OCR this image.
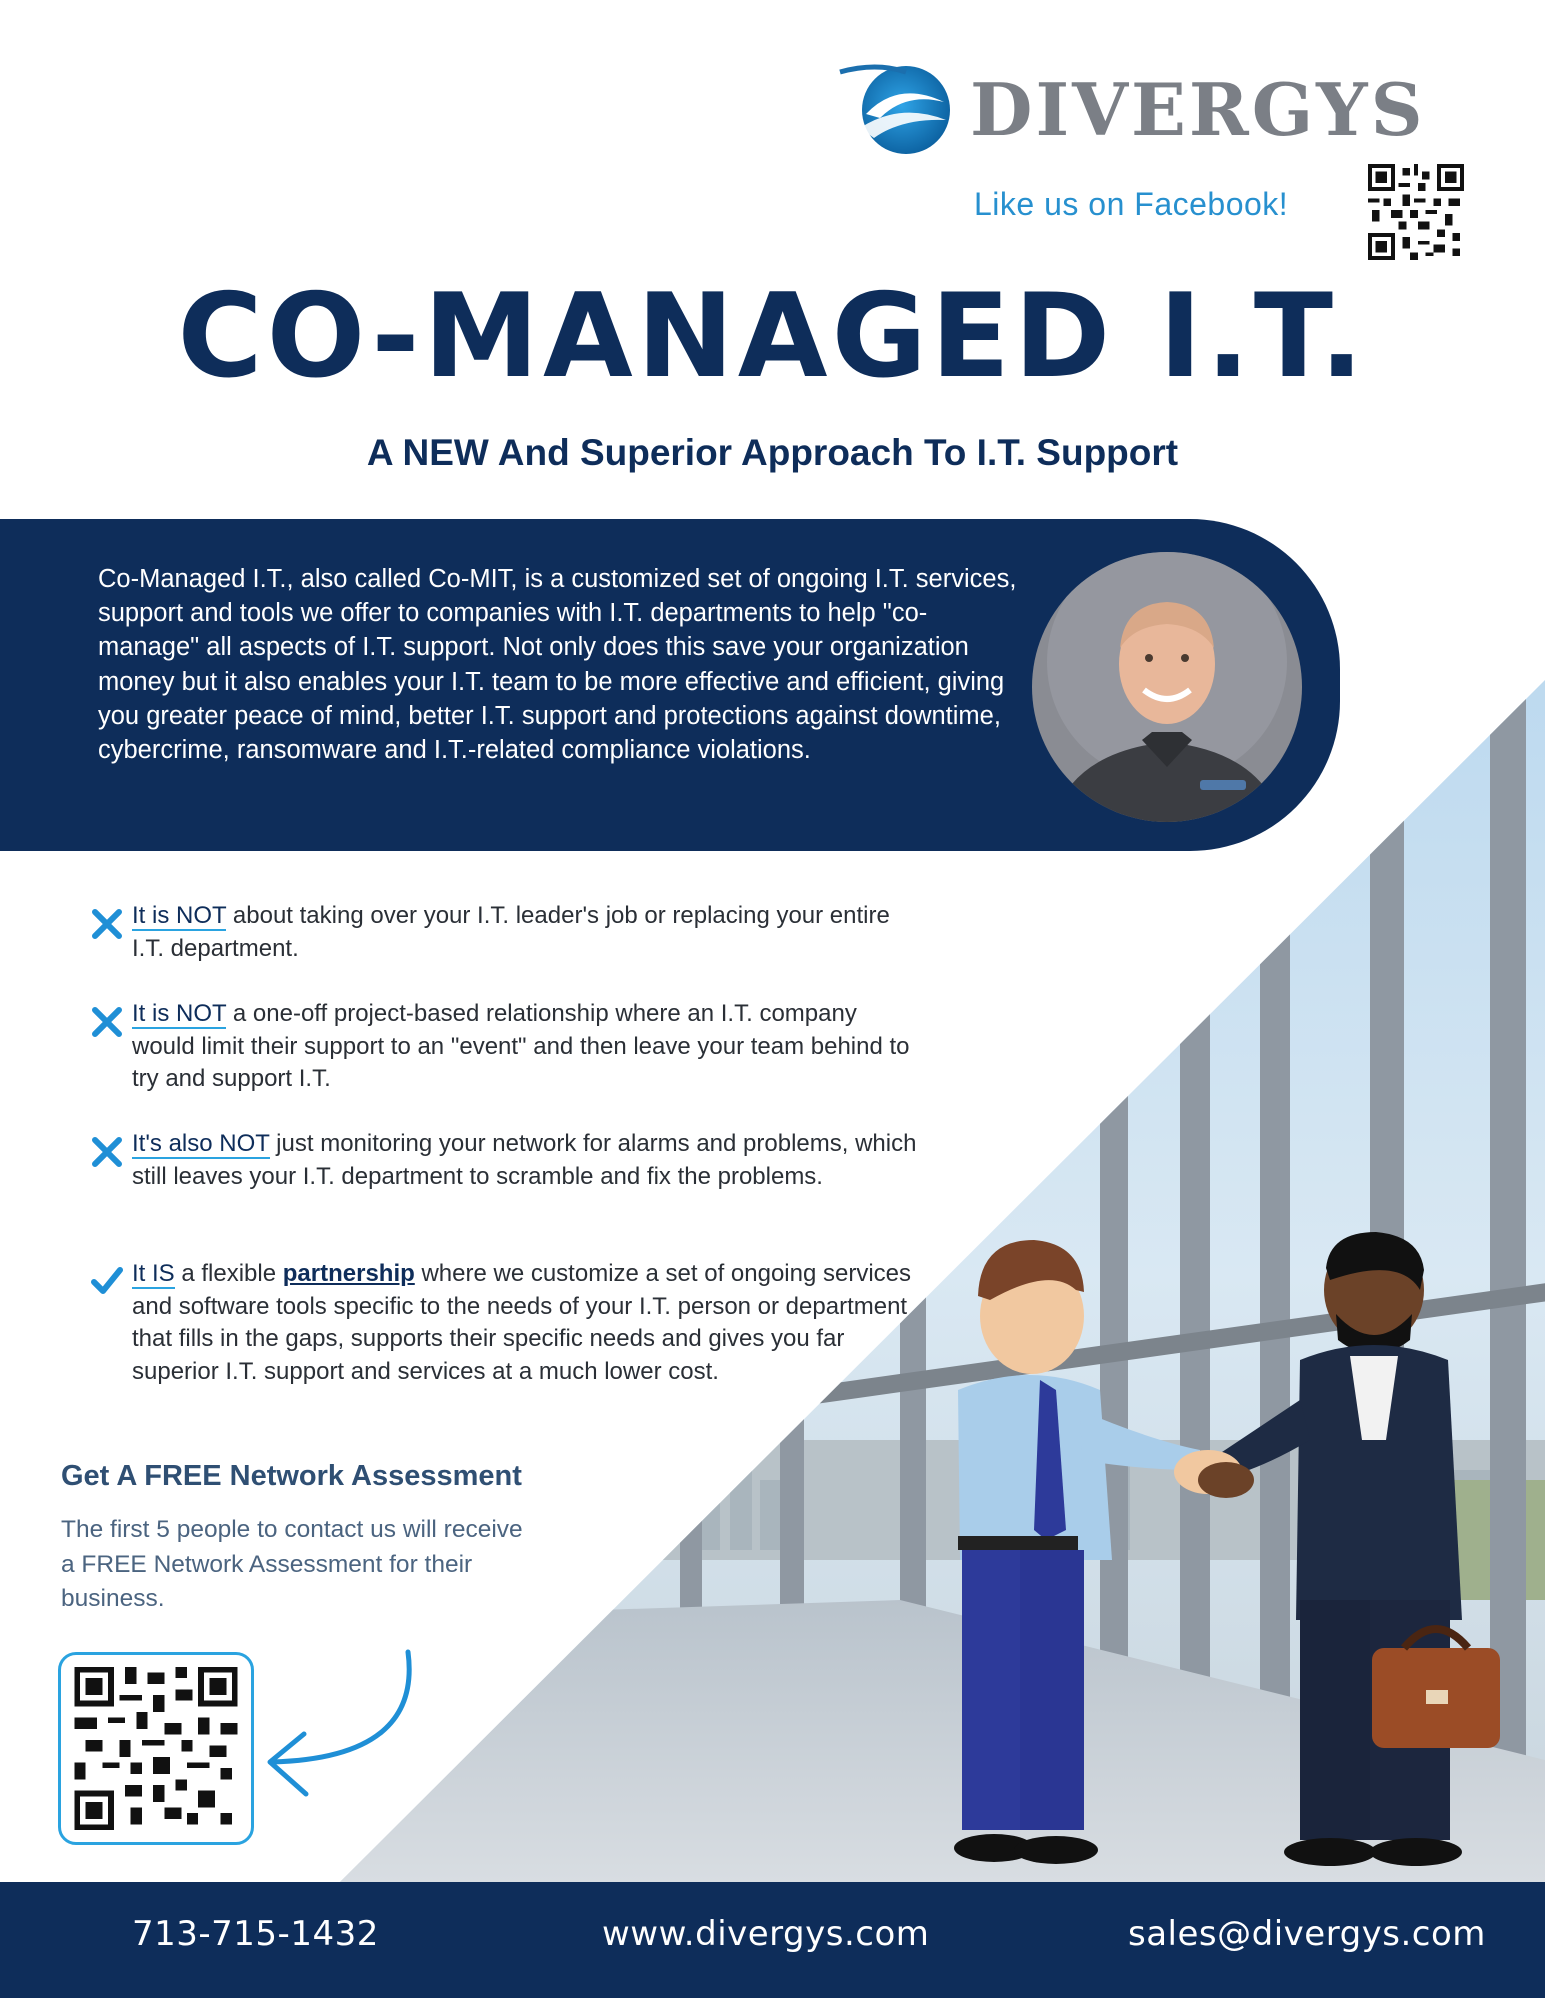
DIVERGYS
Like us on Facebook!
CO-MANAGED I.T.
A NEW And Superior Approach To I.T. Support

Co-Managed I.T., also called Co-MIT, is a customized set of ongoing I.T. services, support and tools we offer to companies with I.T. departments to help "co-manage" all aspects of I.T. support. Not only does this save your organization money but it also enables your I.T. team to be more effective and efficient, giving you greater peace of mind, better I.T. support and protections against downtime, cybercrime, ransomware and I.T.-related compliance violations.

It is NOT about taking over your I.T. leader's job or replacing your entire I.T. department.
It is NOT a one-off project-based relationship where an I.T. company would limit their support to an "event" and then leave your team behind to try and support I.T.
It's also NOT just monitoring your network for alarms and problems, which still leaves your I.T. department to scramble and fix the problems.
It IS a flexible partnership where we customize a set of ongoing services and software tools specific to the needs of your I.T. person or department that fills in the gaps, supports their specific needs and gives you far superior I.T. support and services at a much lower cost.
Get A FREE Network Assessment

The first 5 people to contact us will receive a FREE Network Assessment for their business.

713-715-1432	www.divergys.com	sales@divergys.com
